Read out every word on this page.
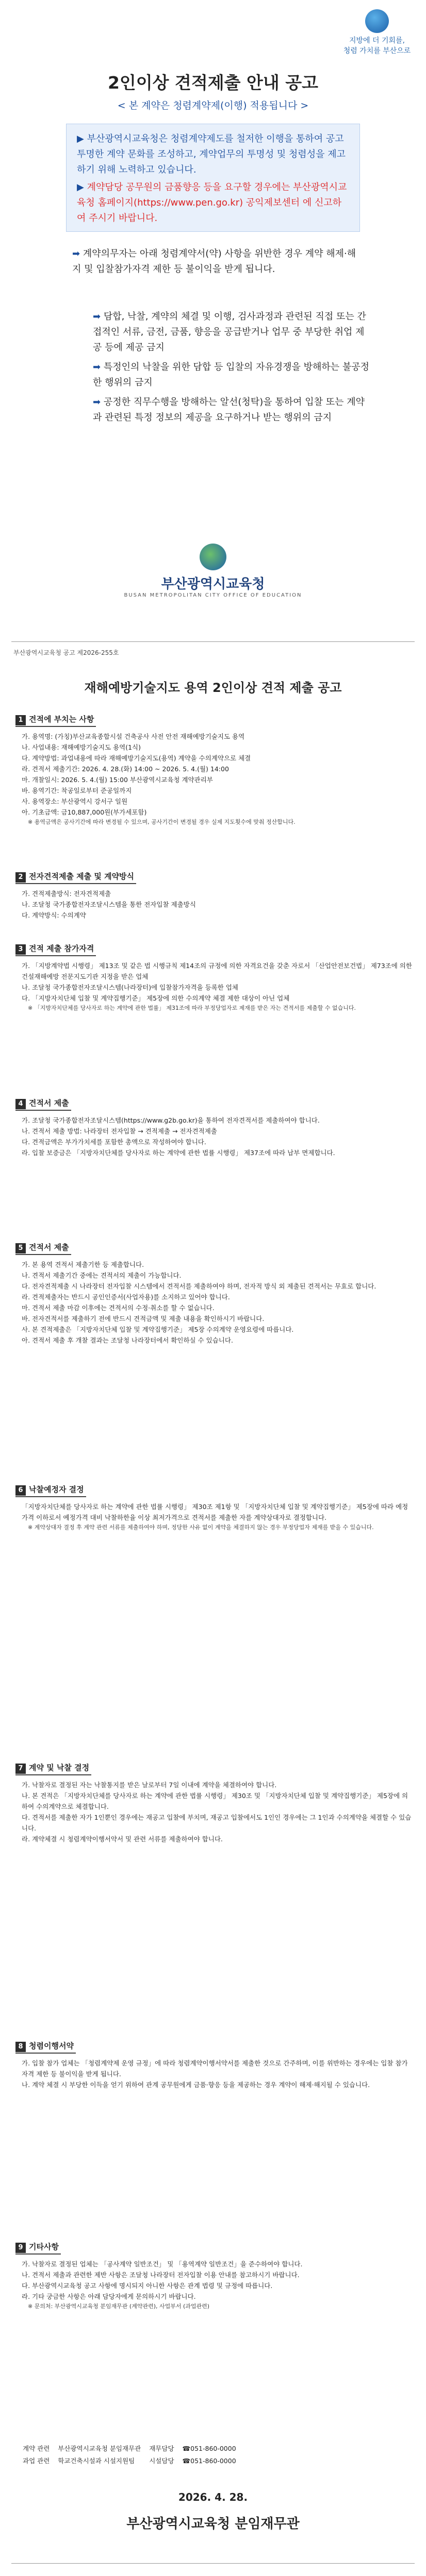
지방에 더 기회를,
청렴 가치를 부산으로
2인이상 견적제출 안내 공고
< 본 계약은 청렴계약제(이행) 적용됩니다 >
▶ 부산광역시교육청은 청렴계약제도를 철저한 이행을 통하여 공고 투명한 계약 문화를 조성하고, 계약업무의 투명성 및 청렴성을 제고하기 위해 노력하고 있습니다.
▶ 계약담당 공무원의 금품향응 등을 요구할 경우에는 부산광역시교육청 홈페이지(https://www.pen.go.kr) 공익제보센터 에 신고하여 주시기 바랍니다.
➡ 계약의무자는 아래 청렴계약서(약) 사항을 위반한 경우 계약 해제·해지 및 입찰참가자격 제한 등 불이익을 받게 됩니다.
➡ 담합, 낙찰, 계약의 체결 및 이행, 검사과정과 관련된 직접 또는 간접적인 서류, 금전, 금품, 향응을 공급받거나 업무 중 부당한 취업 제공 등에 제공 금지
➡ 특정인의 낙찰을 위한 담합 등 입찰의 자유경쟁을 방해하는 불공정한 행위의 금지
➡ 공정한 직무수행을 방해하는 알선(청탁)을 통하여 입찰 또는 계약과 관련된 특정 정보의 제공을 요구하거나 받는 행위의 금지
부산광역시교육청
BUSAN METROPOLITAN CITY OFFICE OF EDUCATION
부산광역시교육청 공고 제2026-255호
재해예방기술지도 용역 2인이상 견적 제출 공고
1 견적에 부치는 사항
가. 용역명: (가칭)부산교육종합시설 건축공사 사전 안전 재해예방기술지도 용역
나. 사업내용: 재해예방기술지도 용역(1식)
다. 계약방법: 과업내용에 따라 재해예방기술지도(용역) 계약을 수의계약으로 체결
라. 견적서 제출기간: 2026. 4. 28.(화) 14:00 ~ 2026. 5. 4.(월) 14:00
마. 개찰일시: 2026. 5. 4.(월) 15:00 부산광역시교육청 계약관리부
바. 용역기간: 착공일로부터 준공일까지
사. 용역장소: 부산광역시 강서구 일원
아. 기초금액: 금10,887,000원(부가세포함)
※ 용역금액은 공사기간에 따라 변경될 수 있으며, 공사기간이 변경될 경우 실제 지도횟수에 맞춰 정산합니다.
2 전자견적제출 제출 및 계약방식
가. 견적제출방식: 전자견적제출
나. 조달청 국가종합전자조달시스템을 통한 전자입찰 제출방식
다. 계약방식: 수의계약
3 견적 제출 참가자격
가. 「지방계약법 시행령」 제13조 및 같은 법 시행규칙 제14조의 규정에 의한 자격요건을 갖춘 자로서 「산업안전보건법」 제73조에 의한 건설재해예방 전문지도기관 지정을 받은 업체
나. 조달청 국가종합전자조달시스템(나라장터)에 입찰참가자격을 등록한 업체
다. 「지방자치단체 입찰 및 계약집행기준」 제5장에 의한 수의계약 체결 제한 대상이 아닌 업체
※ 「지방자치단체를 당사자로 하는 계약에 관한 법률」 제31조에 따라 부정당업자로 제재를 받은 자는 견적서를 제출할 수 없습니다.
4 견적서 제출
가. 조달청 국가종합전자조달시스템(https://www.g2b.go.kr)을 통하여 전자견적서를 제출하여야 합니다.
나. 견적서 제출 방법: 나라장터 전자입찰 → 견적제출 → 전자견적제출
다. 견적금액은 부가가치세를 포함한 총액으로 작성하여야 합니다.
라. 입찰 보증금은 「지방자치단체를 당사자로 하는 계약에 관한 법률 시행령」 제37조에 따라 납부 면제합니다.
5 견적서 제출
가. 본 용역 견적서 제출기한 등 제출합니다.
나. 견적서 제출기간 중에는 견적서의 제출이 가능합니다.
다. 전자견적제출 시 나라장터 전자입찰 시스템에서 견적서를 제출하여야 하며, 전자적 방식 외 제출된 견적서는 무효로 합니다.
라. 견적제출자는 반드시 공인인증서(사업자용)를 소지하고 있어야 합니다.
마. 견적서 제출 마감 이후에는 견적서의 수정·취소를 할 수 없습니다.
바. 전자견적서를 제출하기 전에 반드시 견적금액 및 제출 내용을 확인하시기 바랍니다.
사. 본 견적제출은 「지방자치단체 입찰 및 계약집행기준」 제5장 수의계약 운영요령에 따릅니다.
아. 견적서 제출 후 개찰 결과는 조달청 나라장터에서 확인하실 수 있습니다.
6 낙찰예정자 결정
「지방자치단체를 당사자로 하는 계약에 관한 법률 시행령」 제30조 제1항 및 「지방자치단체 입찰 및 계약집행기준」 제5장에 따라 예정가격 이하로서 예정가격 대비 낙찰하한율 이상 최저가격으로 견적서를 제출한 자를 계약상대자로 결정합니다.
※ 계약상대자 결정 후 계약 관련 서류를 제출하여야 하며, 정당한 사유 없이 계약을 체결하지 않는 경우 부정당업자 제재를 받을 수 있습니다.
7 계약 및 낙찰 결정
가. 낙찰자로 결정된 자는 낙찰통지를 받은 날로부터 7일 이내에 계약을 체결하여야 합니다.
나. 본 견적은 「지방자치단체를 당사자로 하는 계약에 관한 법률 시행령」 제30조 및 「지방자치단체 입찰 및 계약집행기준」 제5장에 의하여 수의계약으로 체결합니다.
다. 견적서를 제출한 자가 1인뿐인 경우에는 재공고 입찰에 부치며, 재공고 입찰에서도 1인인 경우에는 그 1인과 수의계약을 체결할 수 있습니다.
라. 계약체결 시 청렴계약이행서약서 및 관련 서류를 제출하여야 합니다.
8 청렴이행서약
가. 입찰 참가 업체는 「청렴계약제 운영 규정」에 따라 청렴계약이행서약서를 제출한 것으로 간주하며, 이를 위반하는 경우에는 입찰 참가자격 제한 등 불이익을 받게 됩니다.
나. 계약 체결 시 부당한 이득을 얻기 위하여 관계 공무원에게 금품·향응 등을 제공하는 경우 계약이 해제·해지될 수 있습니다.
9 기타사항
가. 낙찰자로 결정된 업체는 「공사계약 일반조건」 및 「용역계약 일반조건」을 준수하여야 합니다.
나. 견적서 제출과 관련한 제반 사항은 조달청 나라장터 전자입찰 이용 안내를 참고하시기 바랍니다.
다. 부산광역시교육청 공고 사항에 명시되지 아니한 사항은 관계 법령 및 규정에 따릅니다.
라. 기타 궁금한 사항은 아래 담당자에게 문의하시기 바랍니다.
※ 문의처: 부산광역시교육청 분임재무관 (계약관련), 사업부서 (과업관련)
계약 관련	부산광역시교육청 분임재무관	재무담당	☎051-860-0000
과업 관련	학교건축시설과 시설지원팀	시설담당	☎051-860-0000
2026. 4. 28.
부산광역시교육청 분임재무관
